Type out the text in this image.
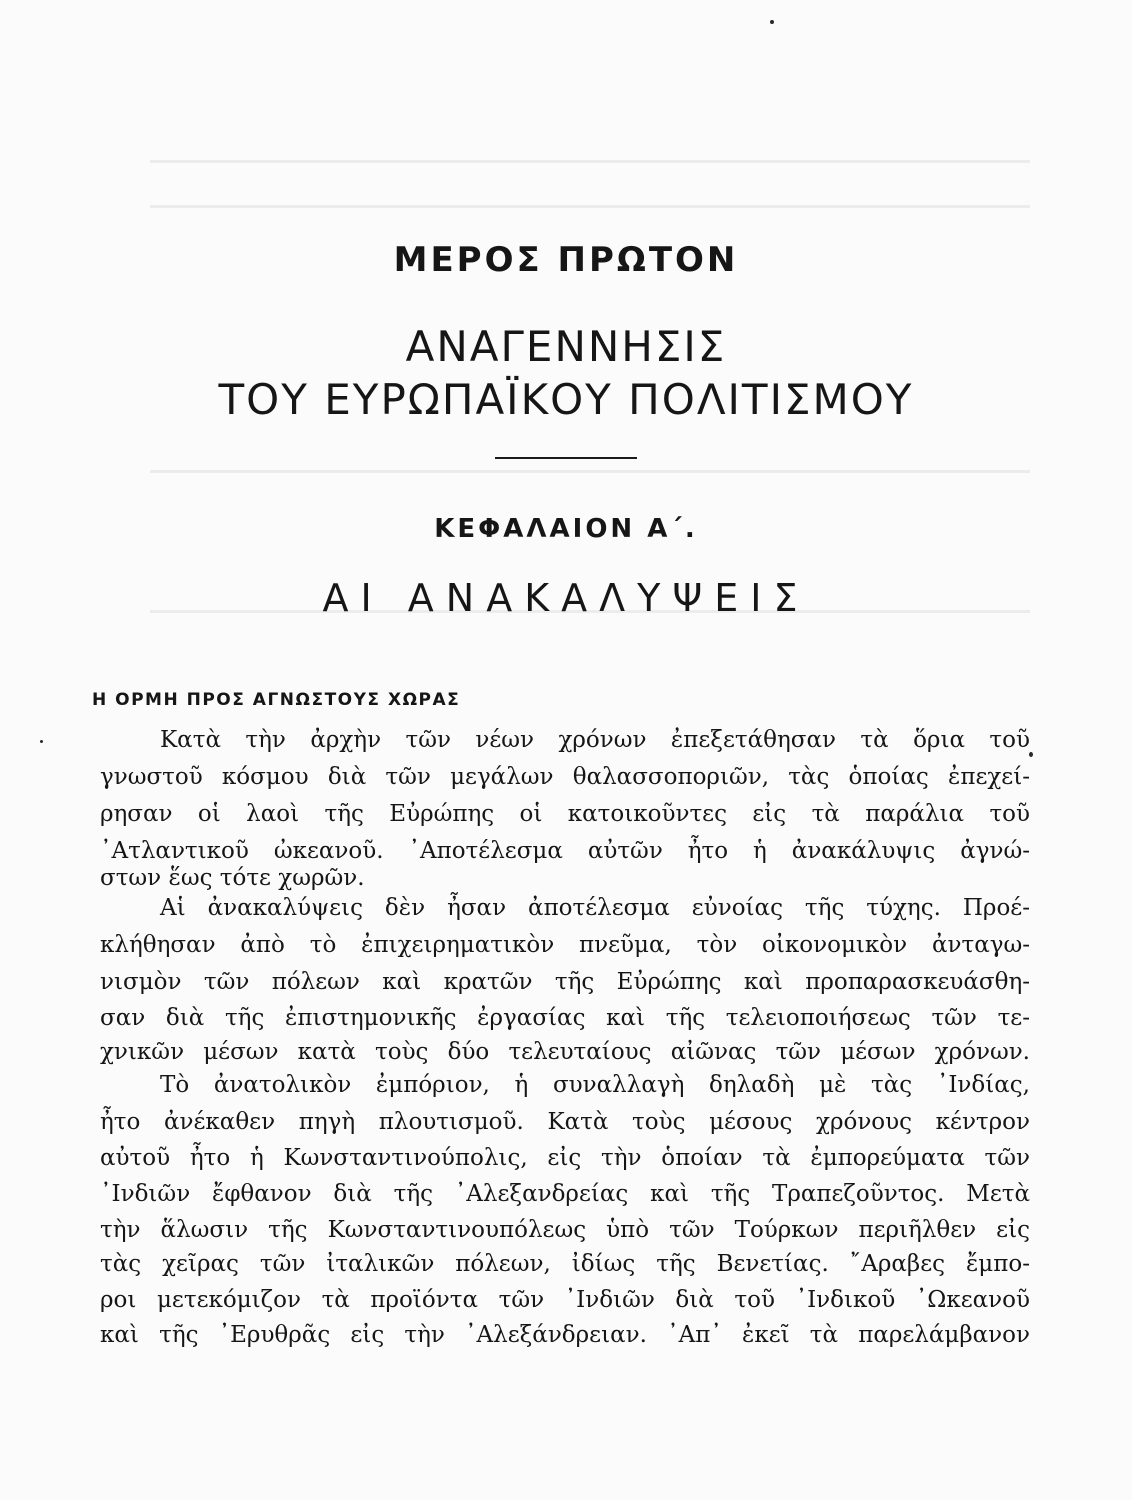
ΜΕΡΟΣ ΠΡΩΤΟΝ
ΑΝΑΓΕΝΝΗΣΙΣ
ΤΟΥ ΕΥΡΩΠΑΪΚΟΥ ΠΟΛΙΤΙΣΜΟΥ
ΚΕΦΑΛΑΙΟΝ Α΄.
ΑΙ ΑΝΑΚΑΛΥΨΕΙΣ
Η ΟΡΜΗ ΠΡΟΣ ΑΓΝΩΣΤΟΥΣ ΧΩΡΑΣ
Κατὰ τὴν ἀρχὴν τῶν νέων χρόνων ἐπεξετάθησαν τὰ ὅρια τοῦ
γνωστοῦ κόσμου διὰ τῶν μεγάλων θαλασσοποριῶν, τὰς ὁποίας ἐπεχεί-
ρησαν οἱ λαοὶ τῆς Εὐρώπης οἱ κατοικοῦντες εἰς τὰ παράλια τοῦ
᾿Ατλαντικοῦ ὠκεανοῦ. ᾿Αποτέλεσμα αὐτῶν ἦτο ἡ ἀνακάλυψις ἀγνώ-
στων ἕως τότε χωρῶν.
Αἱ ἀνακαλύψεις δὲν ἦσαν ἀποτέλεσμα εὐνοίας τῆς τύχης. Προέ-
κλήθησαν ἀπὸ τὸ ἐπιχειρηματικὸν πνεῦμα, τὸν οἰκονομικὸν ἀνταγω-
νισμὸν τῶν πόλεων καὶ κρατῶν τῆς Εὐρώπης καὶ προπαρασκευάσθη-
σαν διὰ τῆς ἐπιστημονικῆς ἐργασίας καὶ τῆς τελειοποιήσεως τῶν τε-
χνικῶν μέσων κατὰ τοὺς δύο τελευταίους αἰῶνας τῶν μέσων χρόνων.
Τὸ ἀνατολικὸν ἐμπόριον, ἡ συναλλαγὴ δηλαδὴ μὲ τὰς ᾿Ινδίας,
ἦτο ἀνέκαθεν πηγὴ πλουτισμοῦ. Κατὰ τοὺς μέσους χρόνους κέντρον
αὐτοῦ ἦτο ἡ Κωνσταντινούπολις, εἰς τὴν ὁποίαν τὰ ἐμπορεύματα τῶν
᾿Ινδιῶν ἔφθανον διὰ τῆς ᾿Αλεξανδρείας καὶ τῆς Τραπεζοῦντος. Μετὰ
τὴν ἅλωσιν τῆς Κωνσταντινουπόλεως ὑπὸ τῶν Τούρκων περιῆλθεν εἰς
τὰς χεῖρας τῶν ἰταλικῶν πόλεων, ἰδίως τῆς Βενετίας. ῎Αραβες ἔμπο-
ροι μετεκόμιζον τὰ προϊόντα τῶν ᾿Ινδιῶν διὰ τοῦ ᾿Ινδικοῦ ᾿Ωκεανοῦ
καὶ τῆς ᾿Ερυθρᾶς εἰς τὴν ᾿Αλεξάνδρειαν. ᾿Απ᾿ ἐκεῖ τὰ παρελάμβανον
